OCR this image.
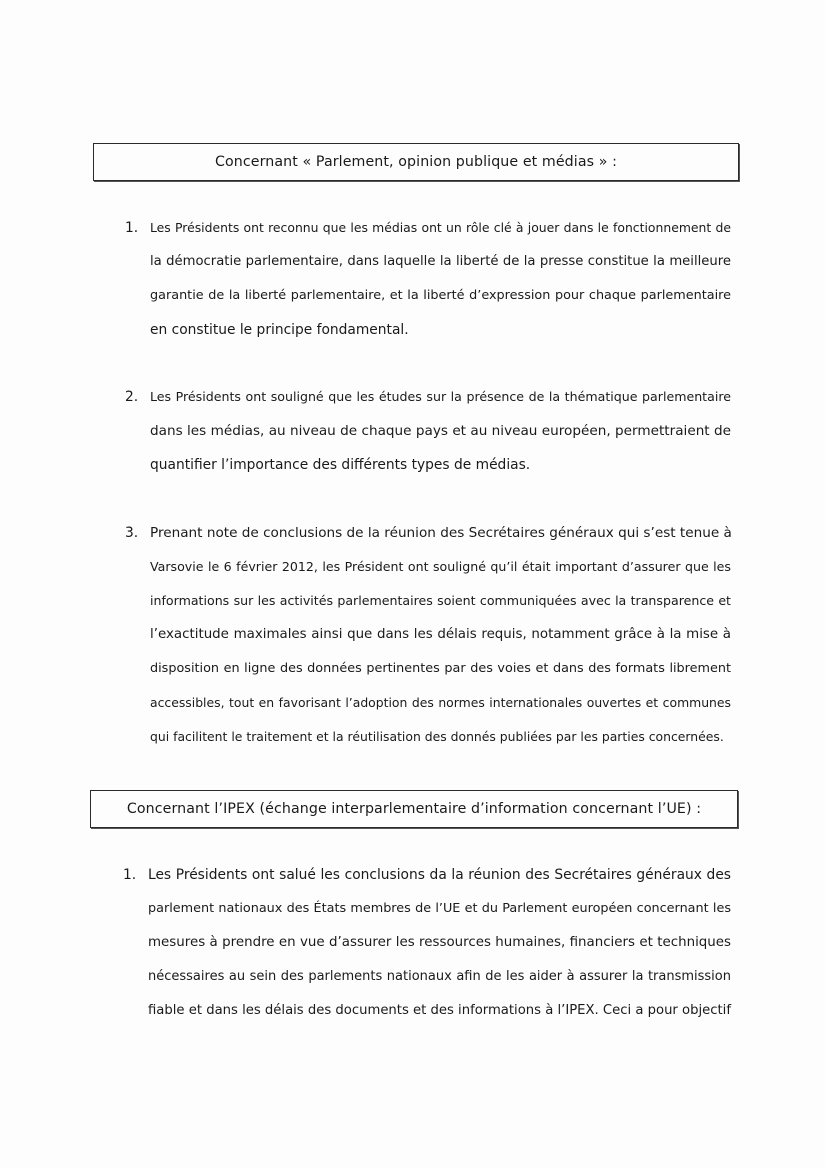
Concernant « Parlement, opinion publique et médias » :
1. Les Présidents ont reconnu que les médias ont un rôle clé à jouer dans le fonctionnement de
la démocratie parlementaire, dans laquelle la liberté de la presse constitue la meilleure
garantie de la liberté parlementaire, et la liberté d’expression pour chaque parlementaire
en constitue le principe fondamental.
2. Les Présidents ont souligné que les études sur la présence de la thématique parlementaire
dans les médias, au niveau de chaque pays et au niveau européen, permettraient de
quantifier l’importance des différents types de médias.
3. Prenant note de conclusions de la réunion des Secrétaires généraux qui s’est tenue à
Varsovie le 6 février 2012, les Président ont souligné qu’il était important d’assurer que les
informations sur les activités parlementaires soient communiquées avec la transparence et
l’exactitude maximales ainsi que dans les délais requis, notamment grâce à la mise à
disposition en ligne des données pertinentes par des voies et dans des formats librement
accessibles, tout en favorisant l’adoption des normes internationales ouvertes et communes
qui facilitent le traitement et la réutilisation des donnés publiées par les parties concernées.
Concernant l’IPEX (échange interparlementaire d’information concernant l’UE) :
1. Les Présidents ont salué les conclusions da la réunion des Secrétaires généraux des
parlement nationaux des États membres de l’UE et du Parlement européen concernant les
mesures à prendre en vue d’assurer les ressources humaines, financiers et techniques
nécessaires au sein des parlements nationaux afin de les aider à assurer la transmission
fiable et dans les délais des documents et des informations à l’IPEX. Ceci a pour objectif
